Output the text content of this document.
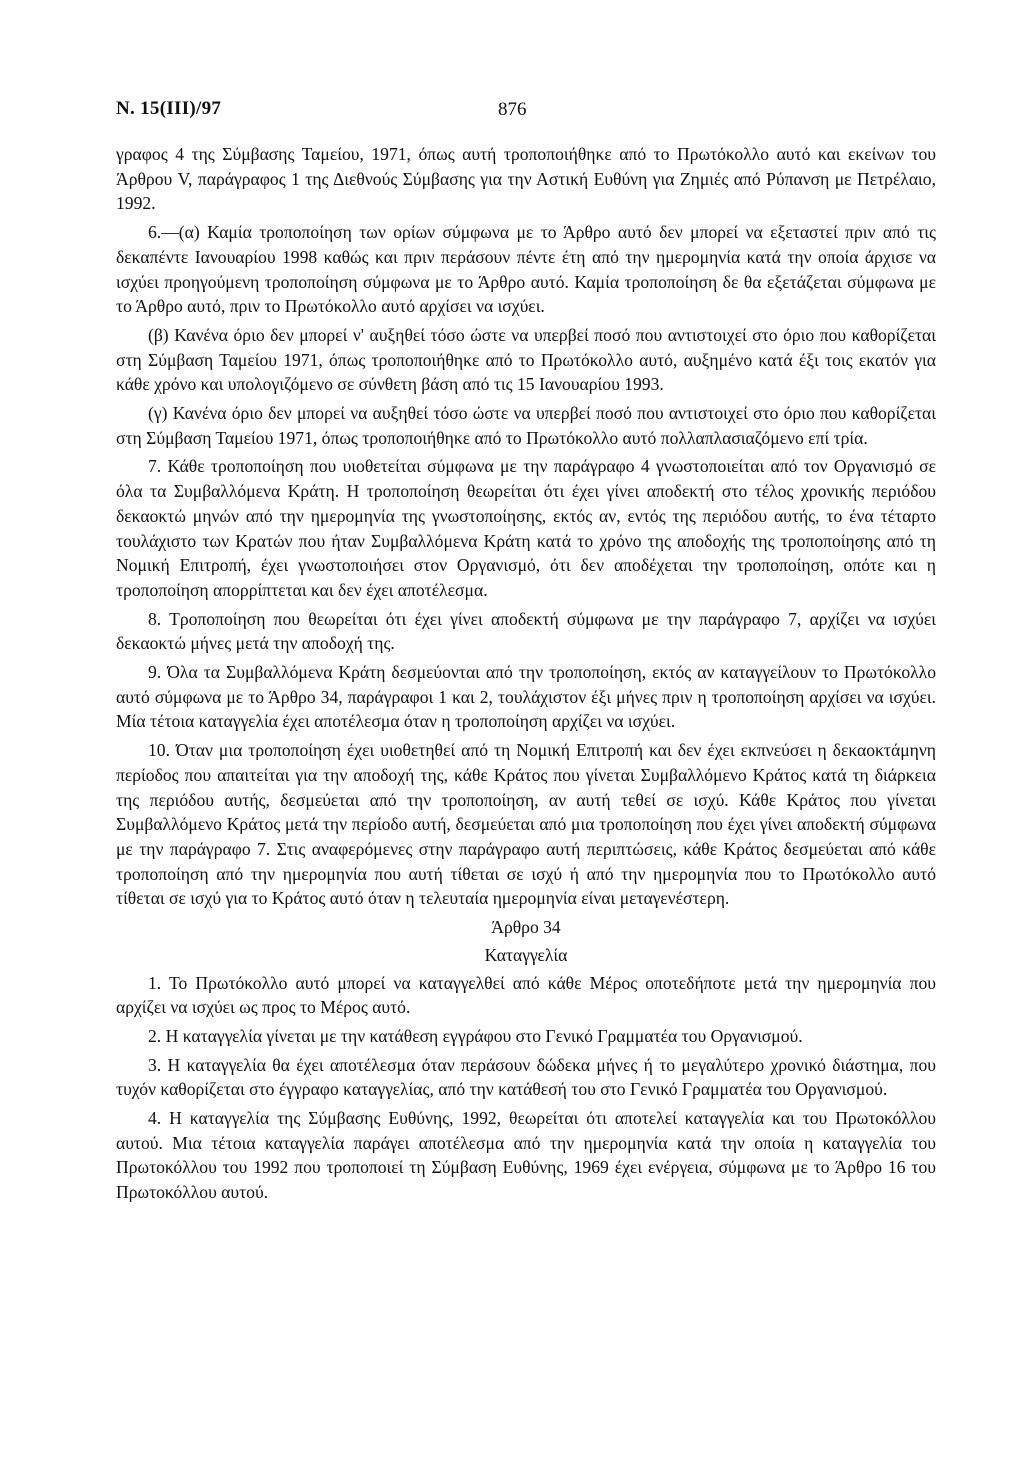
Ν. 15(ΙΙΙ)/97	876

γραφος 4 της Σύμβασης Ταμείου, 1971, όπως αυτή τροποποιήθηκε από το Πρωτόκολλο αυτό και εκείνων του Άρθρου V, παράγραφος 1 της Διεθνούς Σύμβασης για την Αστική Ευθύνη για Ζημιές από Ρύπανση με Πετρέλαιο, 1992.

6.—(α) Καμία τροποποίηση των ορίων σύμφωνα με το Άρθρο αυτό δεν μπορεί να εξεταστεί πριν από τις δεκαπέντε Ιανουαρίου 1998 καθώς και πριν περάσουν πέντε έτη από την ημερομηνία κατά την οποία άρχισε να ισχύει προηγούμενη τροποποίηση σύμφωνα με το Άρθρο αυτό. Καμία τροποποίηση δε θα εξετάζεται σύμφωνα με το Άρθρο αυτό, πριν το Πρωτόκολλο αυτό αρχίσει να ισχύει.

(β) Κανένα όριο δεν μπορεί ν' αυξηθεί τόσο ώστε να υπερβεί ποσό που αντιστοιχεί στο όριο που καθορίζεται στη Σύμβαση Ταμείου 1971, όπως τροποποιήθηκε από το Πρωτόκολλο αυτό, αυξημένο κατά έξι τοις εκατόν για κάθε χρόνο και υπολογιζόμενο σε σύνθετη βάση από τις 15 Ιανουαρίου 1993.

(γ) Κανένα όριο δεν μπορεί να αυξηθεί τόσο ώστε να υπερβεί ποσό που αντιστοιχεί στο όριο που καθορίζεται στη Σύμβαση Ταμείου 1971, όπως τροποποιήθηκε από το Πρωτόκολλο αυτό πολλαπλασιαζόμενο επί τρία.

7. Κάθε τροποποίηση που υιοθετείται σύμφωνα με την παράγραφο 4 γνωστοποιείται από τον Οργανισμό σε όλα τα Συμβαλλόμενα Κράτη. Η τροποποίηση θεωρείται ότι έχει γίνει αποδεκτή στο τέλος χρονικής περιόδου δεκαοκτώ μηνών από την ημερομηνία της γνωστοποίησης, εκτός αν, εντός της περιόδου αυτής, το ένα τέταρτο τουλάχιστο των Κρατών που ήταν Συμβαλλόμενα Κράτη κατά το χρόνο της αποδοχής της τροποποίησης από τη Νομική Επιτροπή, έχει γνωστοποιήσει στον Οργανισμό, ότι δεν αποδέχεται την τροποποίηση, οπότε και η τροποποίηση απορρίπτεται και δεν έχει αποτέλεσμα.

8. Τροποποίηση που θεωρείται ότι έχει γίνει αποδεκτή σύμφωνα με την παράγραφο 7, αρχίζει να ισχύει δεκαοκτώ μήνες μετά την αποδοχή της.

9. Όλα τα Συμβαλλόμενα Κράτη δεσμεύονται από την τροποποίηση, εκτός αν καταγγείλουν το Πρωτόκολλο αυτό σύμφωνα με το Άρθρο 34, παράγραφοι 1 και 2, τουλάχιστον έξι μήνες πριν η τροποποίηση αρχίσει να ισχύει. Μία τέτοια καταγγελία έχει αποτέλεσμα όταν η τροποποίηση αρχίζει να ισχύει.

10. Όταν μια τροποποίηση έχει υιοθετηθεί από τη Νομική Επιτροπή και δεν έχει εκπνεύσει η δεκαοκτάμηνη περίοδος που απαιτείται για την αποδοχή της, κάθε Κράτος που γίνεται Συμβαλλόμενο Κράτος κατά τη διάρκεια της περιόδου αυτής, δεσμεύεται από την τροποποίηση, αν αυτή τεθεί σε ισχύ. Κάθε Κράτος που γίνεται Συμβαλλόμενο Κράτος μετά την περίοδο αυτή, δεσμεύεται από μια τροποποίηση που έχει γίνει αποδεκτή σύμφωνα με την παράγραφο 7. Στις αναφερόμενες στην παράγραφο αυτή περιπτώσεις, κάθε Κράτος δεσμεύεται από κάθε τροποποίηση από την ημερομηνία που αυτή τίθεται σε ισχύ ή από την ημερομηνία που το Πρωτόκολλο αυτό τίθεται σε ισχύ για το Κράτος αυτό όταν η τελευταία ημερομηνία είναι μεταγενέστερη.

Άρθρο 34
Καταγγελία

1. Το Πρωτόκολλο αυτό μπορεί να καταγγελθεί από κάθε Μέρος οποτεδήποτε μετά την ημερομηνία που αρχίζει να ισχύει ως προς το Μέρος αυτό.

2. Η καταγγελία γίνεται με την κατάθεση εγγράφου στο Γενικό Γραμματέα του Οργανισμού.

3. Η καταγγελία θα έχει αποτέλεσμα όταν περάσουν δώδεκα μήνες ή το μεγαλύτερο χρονικό διάστημα, που τυχόν καθορίζεται στο έγγραφο καταγγελίας, από την κατάθεσή του στο Γενικό Γραμματέα του Οργανισμού.

4. Η καταγγελία της Σύμβασης Ευθύνης, 1992, θεωρείται ότι αποτελεί καταγγελία και του Πρωτοκόλλου αυτού. Μια τέτοια καταγγελία παράγει αποτέλεσμα από την ημερομηνία κατά την οποία η καταγγελία του Πρωτοκόλλου του 1992 που τροποποιεί τη Σύμβαση Ευθύνης, 1969 έχει ενέργεια, σύμφωνα με το Άρθρο 16 του Πρωτοκόλλου αυτού.
